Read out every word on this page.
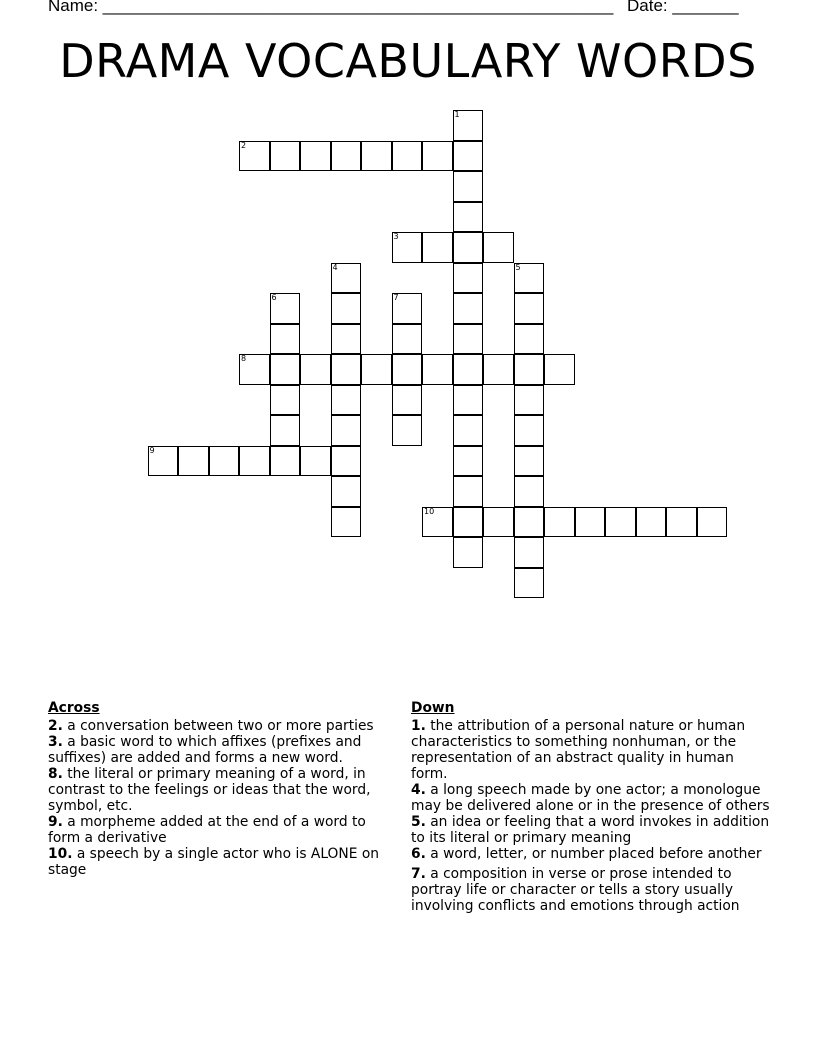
Name: ______________________________________________________ Date: _______
DRAMA VOCABULARY WORDS
1
2
3
4	5
6	7
8
9
10
Across
2. a conversation between two or more parties
3. a basic word to which affixes (prefixes and suffixes) are added and forms a new word.
8. the literal or primary meaning of a word, in contrast to the feelings or ideas that the word, symbol, etc.
9. a morpheme added at the end of a word to form a derivative
10. a speech by a single actor who is ALONE on stage
Down
1. the attribution of a personal nature or human characteristics to something nonhuman, or the representation of an abstract quality in human form.
4. a long speech made by one actor; a monologue may be delivered alone or in the presence of others
5. an idea or feeling that a word invokes in addition to its literal or primary meaning
6. a word, letter, or number placed before another
7. a composition in verse or prose intended to portray life or character or tells a story usually involving conflicts and emotions through action
